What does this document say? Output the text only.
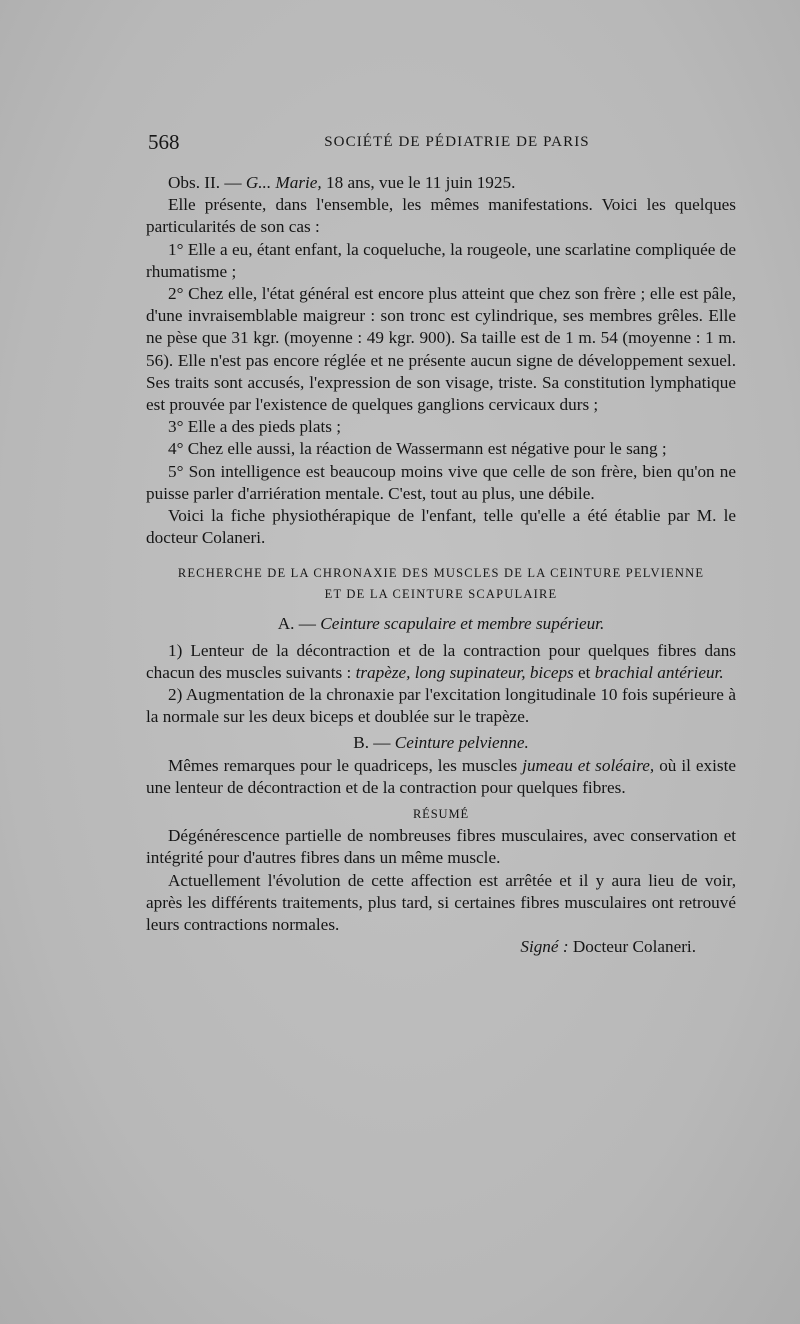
568	SOCIÉTÉ DE PÉDIATRIE DE PARIS

Obs. II. — G... Marie, 18 ans, vue le 11 juin 1925.

Elle présente, dans l'ensemble, les mêmes manifestations. Voici les quelques particularités de son cas :

1° Elle a eu, étant enfant, la coqueluche, la rougeole, une scarlatine compliquée de rhumatisme ;

2° Chez elle, l'état général est encore plus atteint que chez son frère ; elle est pâle, d'une invraisemblable maigreur : son tronc est cylindrique, ses membres grêles. Elle ne pèse que 31 kgr. (moyenne : 49 kgr. 900). Sa taille est de 1 m. 54 (moyenne : 1 m. 56). Elle n'est pas encore réglée et ne présente aucun signe de développement sexuel. Ses traits sont accusés, l'expression de son visage, triste. Sa constitution lymphatique est prouvée par l'existence de quelques ganglions cervicaux durs ;

3° Elle a des pieds plats ;

4° Chez elle aussi, la réaction de Wassermann est négative pour le sang ;

5° Son intelligence est beaucoup moins vive que celle de son frère, bien qu'on ne puisse parler d'arriération mentale. C'est, tout au plus, une débile.

Voici la fiche physiothérapique de l'enfant, telle qu'elle a été établie par M. le docteur Colaneri.

RECHERCHE DE LA CHRONAXIE DES MUSCLES DE LA CEINTURE PELVIENNE
ET DE LA CEINTURE SCAPULAIRE

A. — Ceinture scapulaire et membre supérieur.

1) Lenteur de la décontraction et de la contraction pour quelques fibres dans chacun des muscles suivants : trapèze, long supinateur, biceps et brachial antérieur.

2) Augmentation de la chronaxie par l'excitation longitudinale 10 fois supérieure à la normale sur les deux biceps et doublée sur le trapèze.

B. — Ceinture pelvienne.

Mêmes remarques pour le quadriceps, les muscles jumeau et soléaire, où il existe une lenteur de décontraction et de la contraction pour quelques fibres.

RÉSUMÉ

Dégénérescence partielle de nombreuses fibres musculaires, avec conservation et intégrité pour d'autres fibres dans un même muscle.

Actuellement l'évolution de cette affection est arrêtée et il y aura lieu de voir, après les différents traitements, plus tard, si certaines fibres musculaires ont retrouvé leurs contractions normales.

Signé : Docteur Colaneri.
